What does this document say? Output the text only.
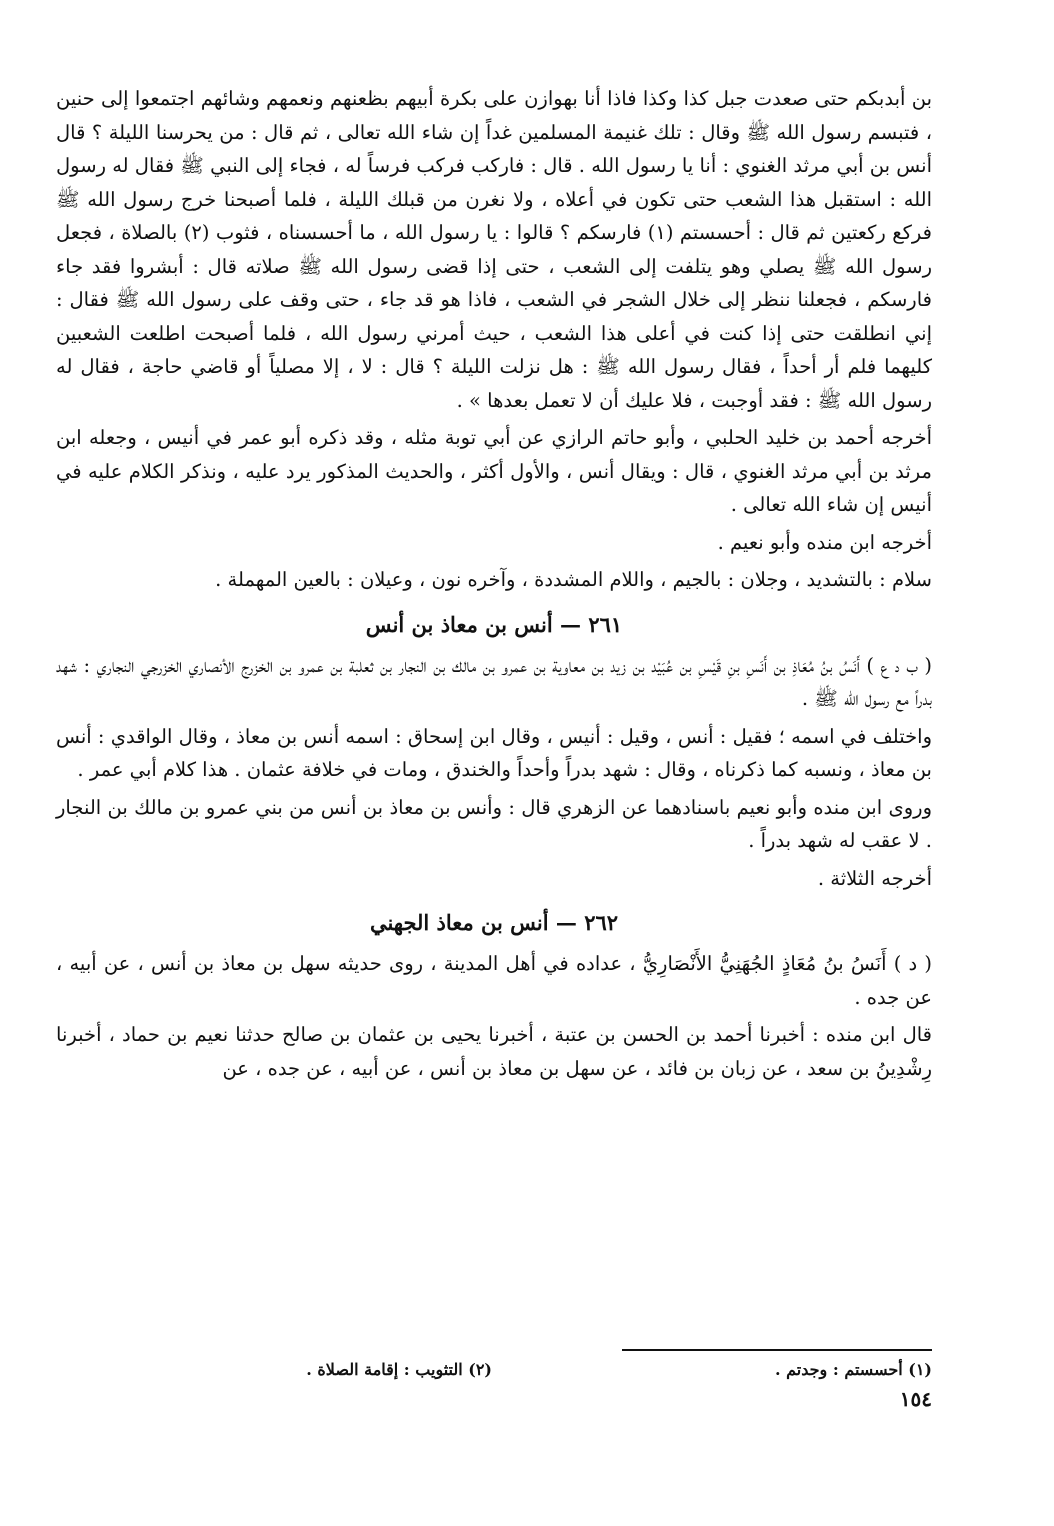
بن أبدبكم حتى صعدت جبل كذا وكذا فاذا أنا بهوازن على بكرة أبيهم بظعنهم ونعمهم وشائهم اجتمعوا إلى حنين ، فتبسم رسول الله ﷺ وقال : تلك غنيمة المسلمين غداً إن شاء الله تعالى ، ثم قال : من يحرسنا الليلة ؟ قال أنس بن أبي مرثد الغنوي : أنا يا رسول الله . قال : فاركب فركب فرساً له ، فجاء إلى النبي ﷺ فقال له رسول الله : استقبل هذا الشعب حتى تكون في أعلاه ، ولا نغرن من قبلك الليلة ، فلما أصبحنا خرج رسول الله ﷺ فركع ركعتين ثم قال : أحسستم (١) فارسكم ؟ قالوا : يا رسول الله ، ما أحسسناه ، فثوب (٢) بالصلاة ، فجعل رسول الله ﷺ يصلي وهو يتلفت إلى الشعب ، حتى إذا قضى رسول الله ﷺ صلاته قال : أبشروا فقد جاء فارسكم ، فجعلنا ننظر إلى خلال الشجر في الشعب ، فاذا هو قد جاء ، حتى وقف على رسول الله ﷺ فقال : إني انطلقت حتى إذا كنت في أعلى هذا الشعب ، حيث أمرني رسول الله ، فلما أصبحت اطلعت الشعبين كليهما فلم أر أحداً ، فقال رسول الله ﷺ : هل نزلت الليلة ؟ قال : لا ، إلا مصلياً أو قاضي حاجة ، فقال له رسول الله ﷺ : فقد أوجبت ، فلا عليك أن لا تعمل بعدها » .

أخرجه أحمد بن خليد الحلبي ، وأبو حاتم الرازي عن أبي توبة مثله ، وقد ذكره أبو عمر في أنيس ، وجعله ابن مرثد بن أبي مرثد الغنوي ، قال : ويقال أنس ، والأول أكثر ، والحديث المذكور يرد عليه ، ونذكر الكلام عليه في أنيس إن شاء الله تعالى .

أخرجه ابن منده وأبو نعيم .

سلام : بالتشديد ، وجلان : بالجيم ، واللام المشددة ، وآخره نون ، وعيلان : بالعين المهملة .

٢٦١ — أنس بن معاذ بن أنس

( ب د ع ) أَنَسُ بنُ مُعَاذِ بن أَنَسِ بنِ قَيْسِ بن عُبَيْد بن زيد بن معاوية بن عمرو بن مالك بن النجار بن ثعلبة بن عمرو بن الخزرج الأنصاري الخزرجي النجاري : شهد بدراً مع رسول الله ﷺ .

واختلف في اسمه ؛ فقيل : أنس ، وقيل : أنيس ، وقال ابن إسحاق : اسمه أنس بن معاذ ، وقال الواقدي : أنس بن معاذ ، ونسبه كما ذكرناه ، وقال : شهد بدراً وأحداً والخندق ، ومات في خلافة عثمان . هذا كلام أبي عمر .

وروى ابن منده وأبو نعيم باسنادهما عن الزهري قال : وأنس بن معاذ بن أنس من بني عمرو بن مالك بن النجار . لا عقب له شهد بدراً .

أخرجه الثلاثة .

٢٦٢ — أنس بن معاذ الجهني

( د ) أَنَسُ بنُ مُعَاذٍ الجُهَنِيُّ الأَنْصَارِيُّ ، عداده في أهل المدينة ، روى حديثه سهل بن معاذ بن أنس ، عن أبيه ، عن جده .

قال ابن منده : أخبرنا أحمد بن الحسن بن عتبة ، أخبرنا يحيى بن عثمان بن صالح حدثنا نعيم بن حماد ، أخبرنا رِشْدِينُ بن سعد ، عن زبان بن فائد ، عن سهل بن معاذ بن أنس ، عن أبيه ، عن جده ، عن

(١) أحسستم : وجدتم .
(٢) التثويب : إقامة الصلاة .
١٥٤
